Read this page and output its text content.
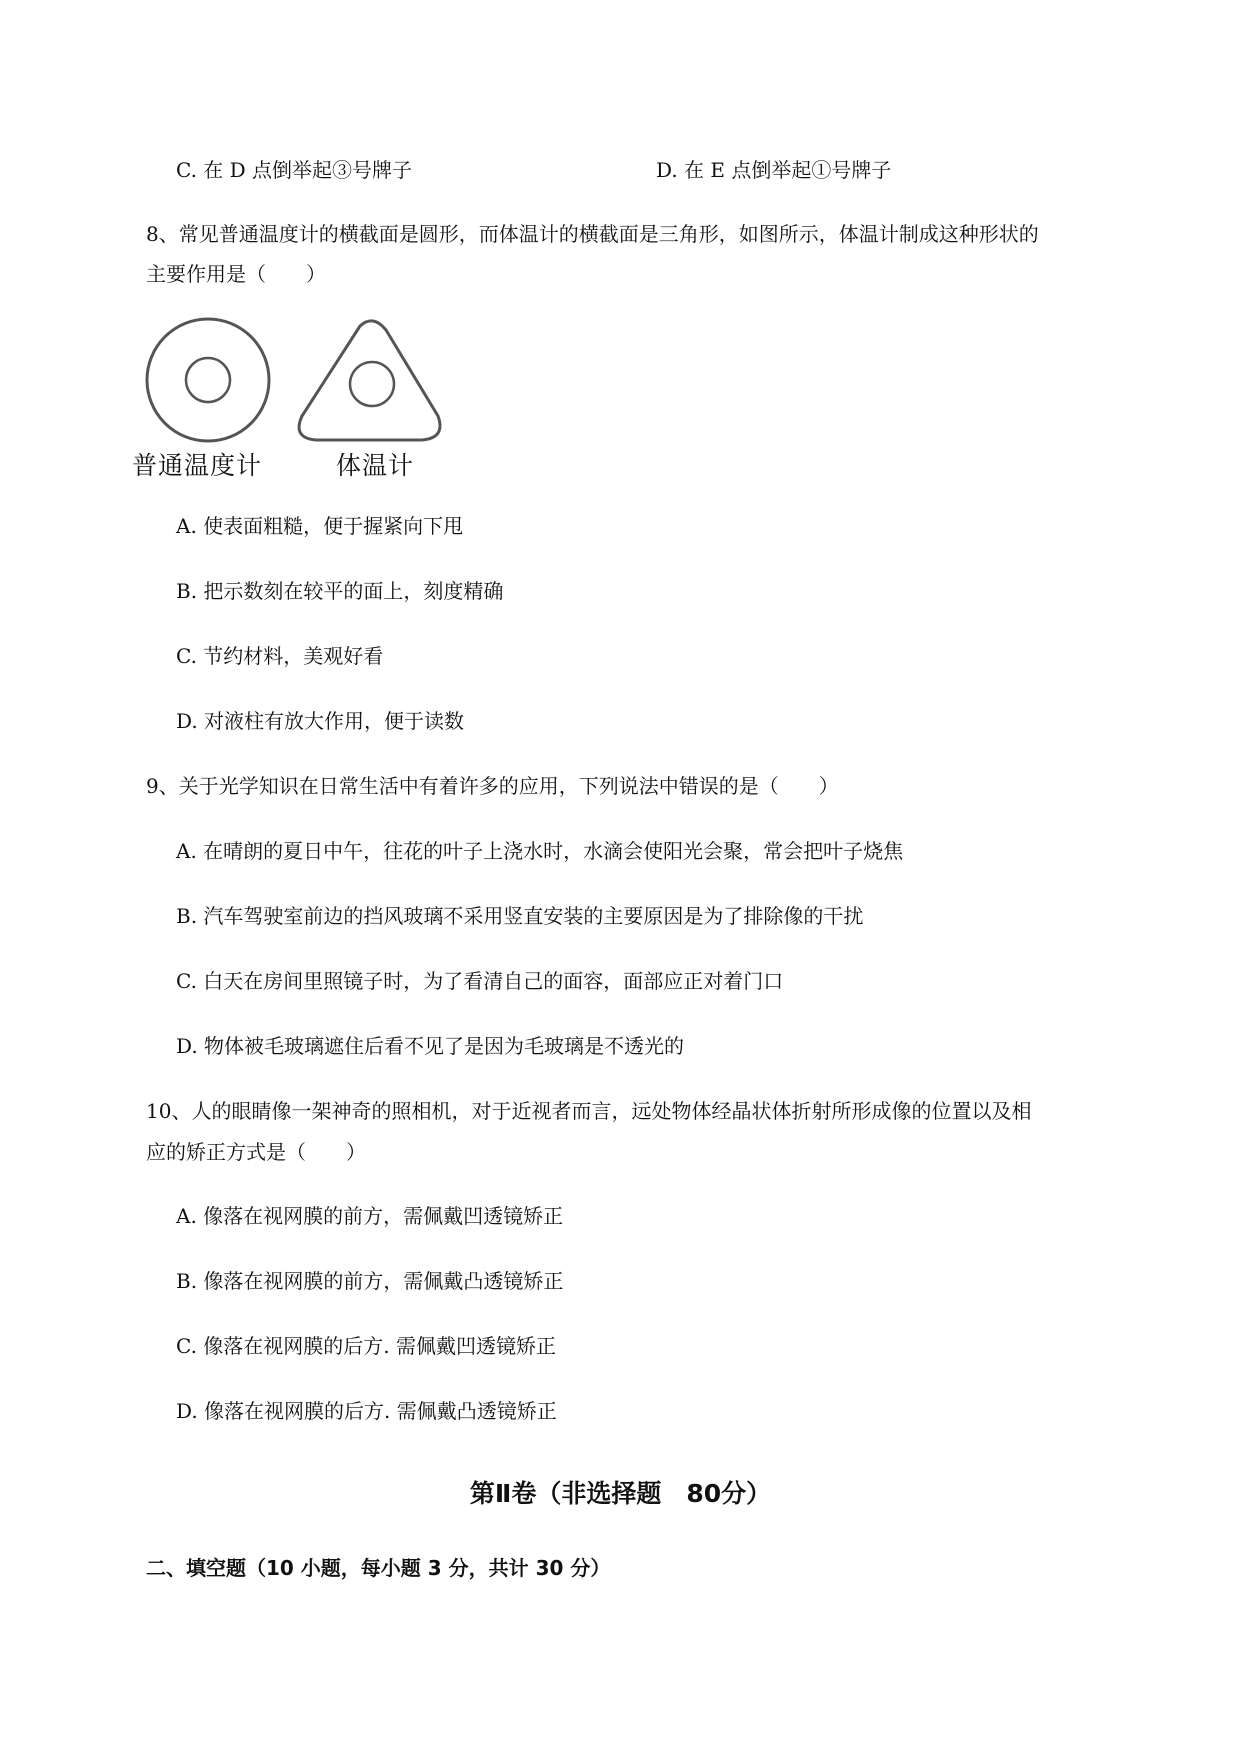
C. 在 D 点倒举起③号牌子	D. 在 E 点倒举起①号牌子
8、常见普通温度计的横截面是圆形，而体温计的横截面是三角形，如图所示，体温计制成这种形状的
主要作用是（　　）
普通温度计	体温计
A. 使表面粗糙，便于握紧向下甩
B. 把示数刻在较平的面上，刻度精确
C. 节约材料，美观好看
D. 对液柱有放大作用，便于读数
9、关于光学知识在日常生活中有着许多的应用，下列说法中错误的是（　　）
A. 在晴朗的夏日中午，往花的叶子上浇水时，水滴会使阳光会聚，常会把叶子烧焦
B. 汽车驾驶室前边的挡风玻璃不采用竖直安装的主要原因是为了排除像的干扰
C. 白天在房间里照镜子时，为了看清自己的面容，面部应正对着门口
D. 物体被毛玻璃遮住后看不见了是因为毛玻璃是不透光的
10、人的眼睛像一架神奇的照相机，对于近视者而言，远处物体经晶状体折射所形成像的位置以及相
应的矫正方式是（　　）
A. 像落在视网膜的前方，需佩戴凹透镜矫正
B. 像落在视网膜的前方，需佩戴凸透镜矫正
C. 像落在视网膜的后方. 需佩戴凹透镜矫正
D. 像落在视网膜的后方. 需佩戴凸透镜矫正
第Ⅱ卷（非选择题　80分）
二、填空题（10 小题，每小题 3 分，共计 30 分）
